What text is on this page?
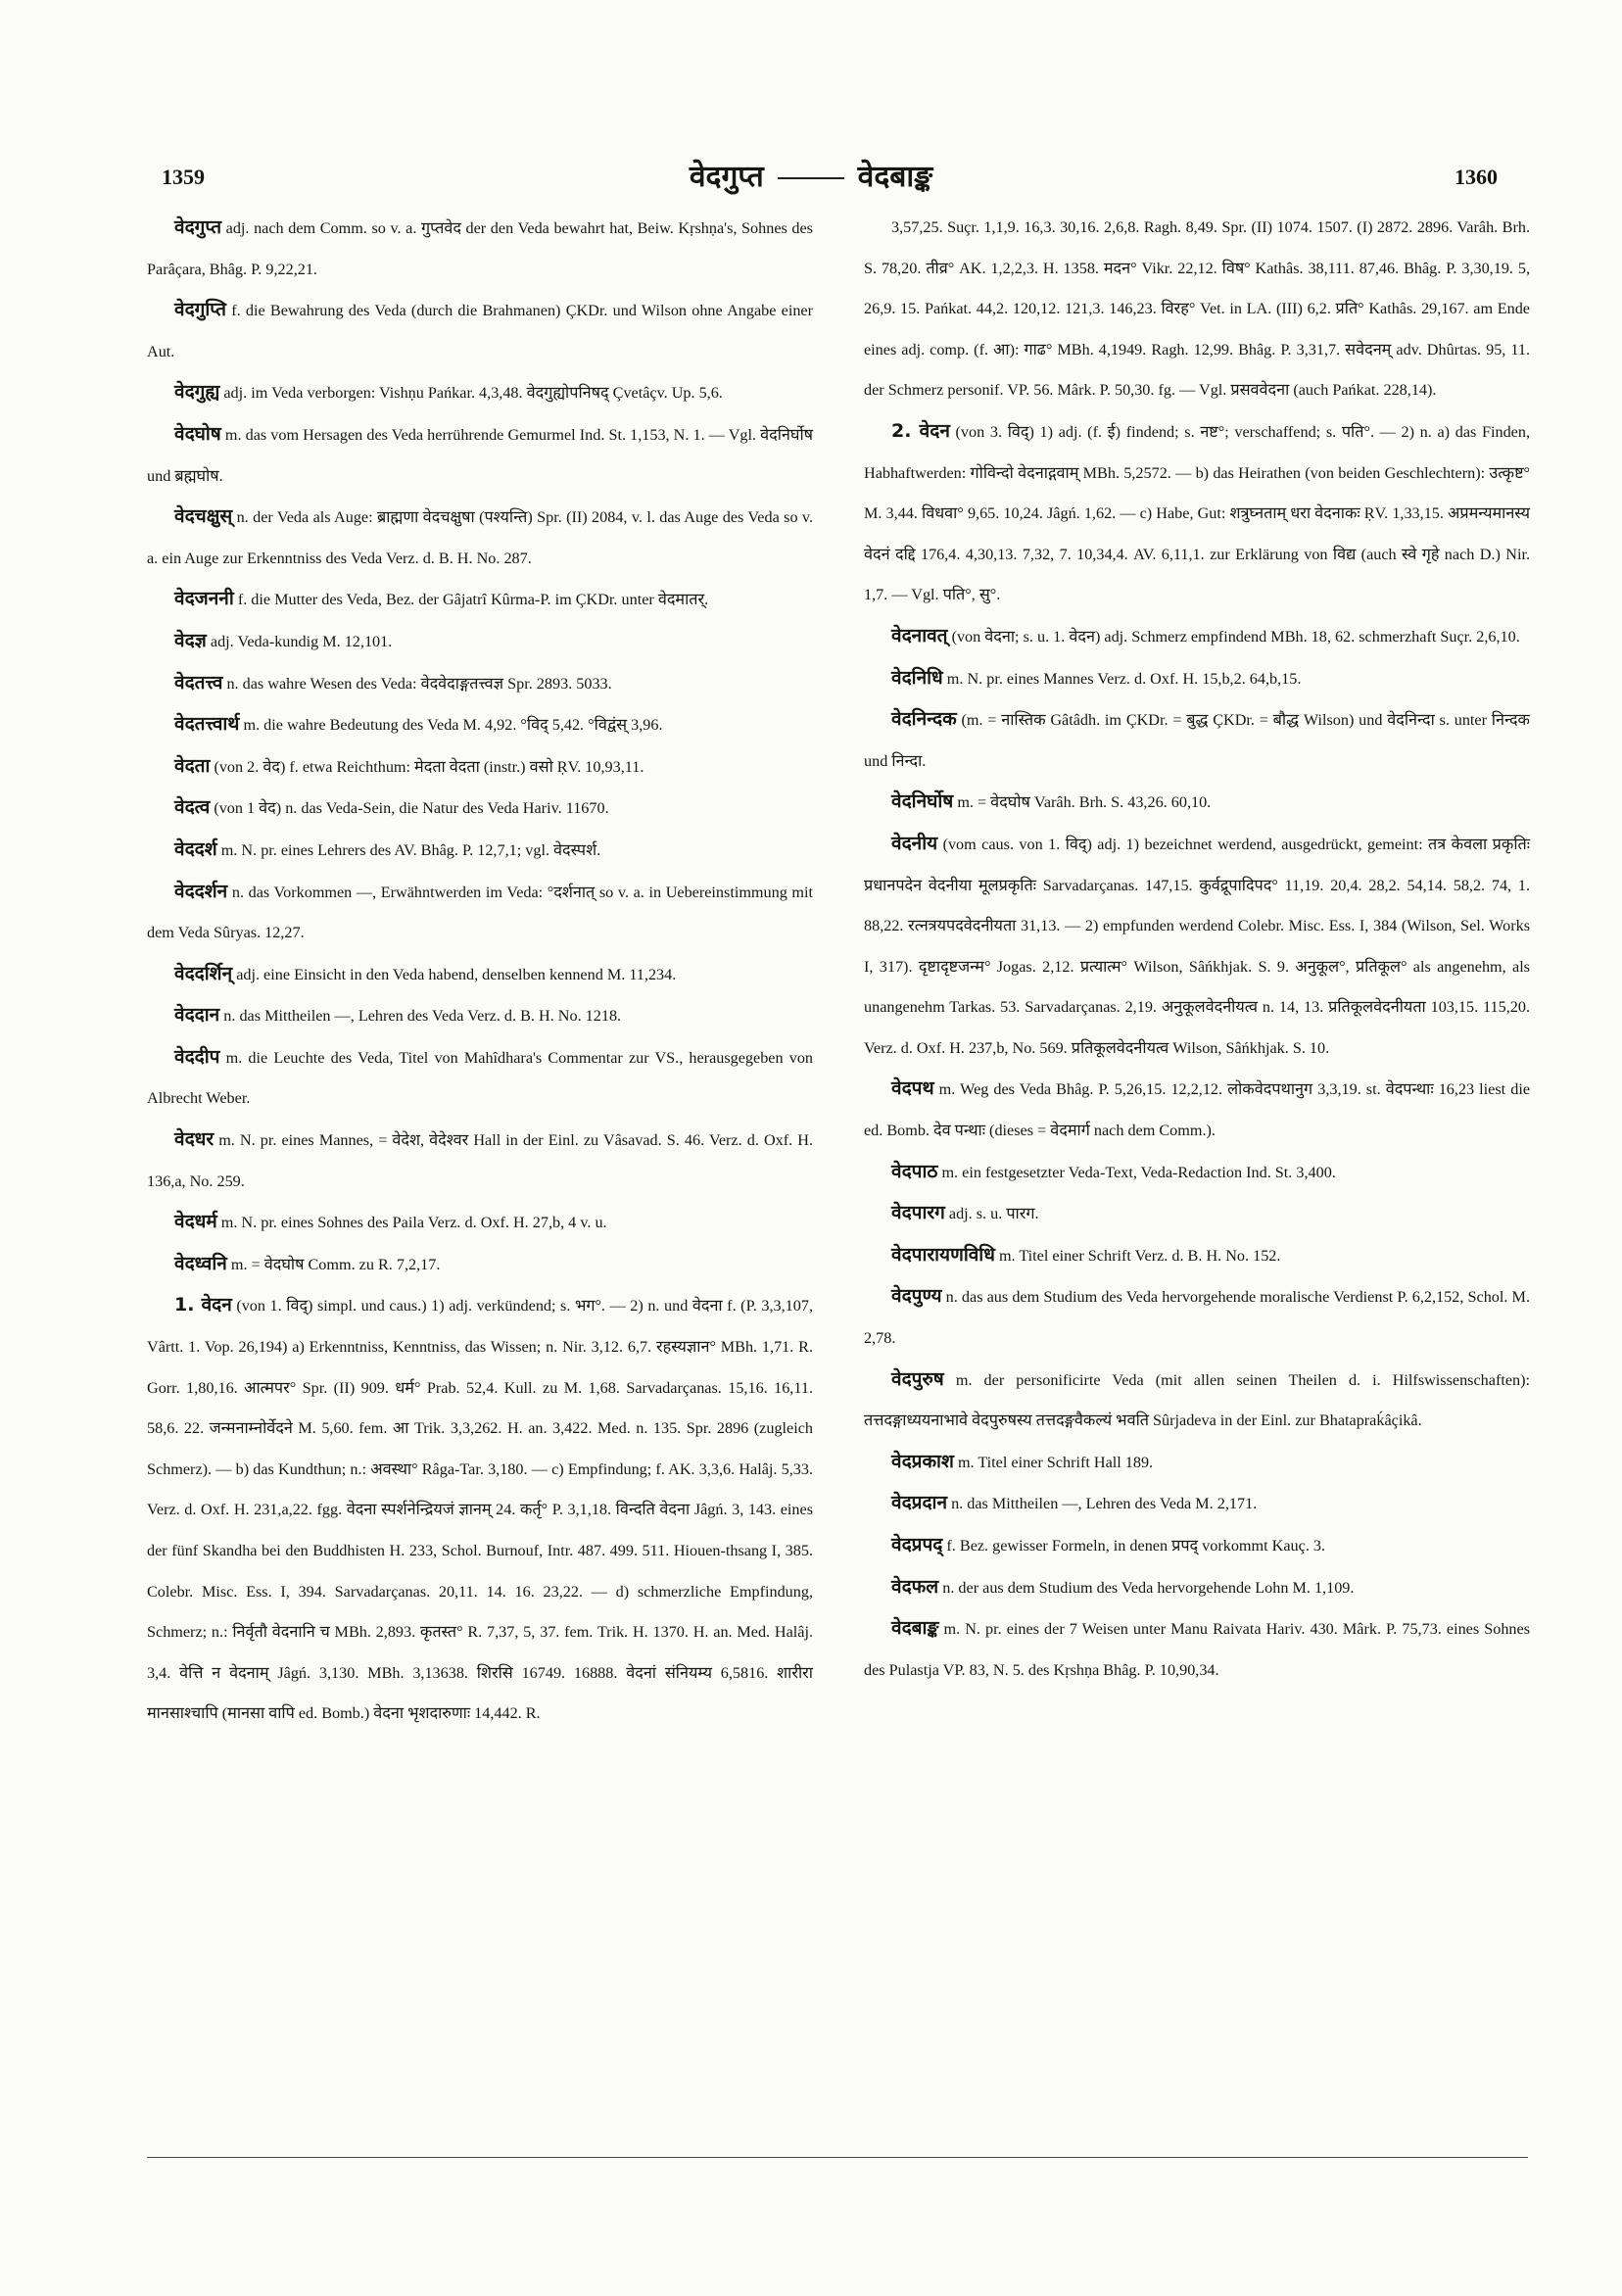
1359	वेदगुप्त	वेदबाङ्क	1360

वेदगुप्त adj. nach dem Comm. so v. a. गुप्तवेद der den Veda bewahrt hat, Beiw. Kṛshṇa's, Sohnes des Parâçara, Bhâg. P. 9,22,21.

वेदगुप्ति f. die Bewahrung des Veda (durch die Brahmanen) ÇKDr. und Wilson ohne Angabe einer Aut.

वेदगुह्य adj. im Veda verborgen: Vishṇu Pańkar. 4,3,48. वेदगुह्योपनिषद् Çvetâçv. Up. 5,6.

वेदघोष m. das vom Hersagen des Veda herrührende Gemurmel Ind. St. 1,153, N. 1. — Vgl. वेदनिर्घोष und ब्रह्मघोष.

वेदचक्षुस् n. der Veda als Auge: ब्राह्मणा वेदचक्षुषा (पश्यन्ति) Spr. (II) 2084, v. l. das Auge des Veda so v. a. ein Auge zur Erkenntniss des Veda Verz. d. B. H. No. 287.

वेदजननी f. die Mutter des Veda, Bez. der Gâjatrî Kûrma-P. im ÇKDr. unter वेदमातर्.

वेदज्ञ adj. Veda-kundig M. 12,101.

वेदतत्त्व n. das wahre Wesen des Veda: वेदवेदाङ्गतत्त्वज्ञ Spr. 2893. 5033.

वेदतत्त्वार्थ m. die wahre Bedeutung des Veda M. 4,92. °विद् 5,42. °विद्वंस् 3,96.

वेदता (von 2. वेद) f. etwa Reichthum: मेदता वेदता (instr.) वसो ṚV. 10,93,11.

वेदत्व (von 1 वेद) n. das Veda-Sein, die Natur des Veda Hariv. 11670.

वेददर्श m. N. pr. eines Lehrers des AV. Bhâg. P. 12,7,1; vgl. वेदस्पर्श.

वेददर्शन n. das Vorkommen —, Erwähntwerden im Veda: °दर्शनात् so v. a. in Uebereinstimmung mit dem Veda Sûryas. 12,27.

वेददर्शिन् adj. eine Einsicht in den Veda habend, denselben kennend M. 11,234.

वेददान n. das Mittheilen —, Lehren des Veda Verz. d. B. H. No. 1218.

वेददीप m. die Leuchte des Veda, Titel von Mahîdhara's Commentar zur VS., herausgegeben von Albrecht Weber.

वेदधर m. N. pr. eines Mannes, = वेदेश, वेदेश्वर Hall in der Einl. zu Vâsavad. S. 46. Verz. d. Oxf. H. 136,a, No. 259.

वेदधर्म m. N. pr. eines Sohnes des Paila Verz. d. Oxf. H. 27,b, 4 v. u.

वेदध्वनि m. = वेदघोष Comm. zu R. 7,2,17.

1. वेदन (von 1. विद्) simpl. und caus.) 1) adj. verkündend; s. भग°. — 2) n. und वेदना f. (P. 3,3,107, Vârtt. 1. Vop. 26,194) a) Erkenntniss, Kenntniss, das Wissen; n. Nir. 3,12. 6,7. रहस्यज्ञान° MBh. 1,71. R. Gorr. 1,80,16. आत्मपर° Spr. (II) 909. धर्म° Prab. 52,4. Kull. zu M. 1,68. Sarvadarçanas. 15,16. 16,11. 58,6. 22. जन्मनाम्नोर्वेदने M. 5,60. fem. आ Trik. 3,3,262. H. an. 3,422. Med. n. 135. Spr. 2896 (zugleich Schmerz). — b) das Kundthun; n.: अवस्था° Râga-Tar. 3,180. — c) Empfindung; f. AK. 3,3,6. Halâj. 5,33. Verz. d. Oxf. H. 231,a,22. fgg. वेदना स्पर्शनेन्द्रियजं ज्ञानम् 24. कर्तृ° P. 3,1,18. विन्दति वेदना Jâgń. 3, 143. eines der fünf Skandha bei den Buddhisten H. 233, Schol. Burnouf, Intr. 487. 499. 511. Hiouen-thsang I, 385. Colebr. Misc. Ess. I, 394. Sarvadarçanas. 20,11. 14. 16. 23,22. — d) schmerzliche Empfindung, Schmerz; n.: निर्वृतौ वेदनानि च MBh. 2,893. कृतस्त° R. 7,37, 5, 37. fem. Trik. H. 1370. H. an. Med. Halâj. 3,4. वेत्ति न वेदनाम् Jâgń. 3,130. MBh. 3,13638. शिरसि 16749. 16888. वेदनां संनियम्य 6,5816. शारीरा मानसाश्चापि (मानसा वापि ed. Bomb.) वेदना भृशदारुणाः 14,442. R.

3,57,25. Suçr. 1,1,9. 16,3. 30,16. 2,6,8. Ragh. 8,49. Spr. (II) 1074. 1507. (I) 2872. 2896. Varâh. Brh. S. 78,20. तीव्र° AK. 1,2,2,3. H. 1358. मदन° Vikr. 22,12. विष° Kathâs. 38,111. 87,46. Bhâg. P. 3,30,19. 5, 26,9. 15. Pańkat. 44,2. 120,12. 121,3. 146,23. विरह° Vet. in LA. (III) 6,2. प्रति° Kathâs. 29,167. am Ende eines adj. comp. (f. आ): गाढ° MBh. 4,1949. Ragh. 12,99. Bhâg. P. 3,31,7. सवेदनम् adv. Dhûrtas. 95, 11. der Schmerz personif. VP. 56. Mârk. P. 50,30. fg. — Vgl. प्रसववेदना (auch Pańkat. 228,14).

2. वेदन (von 3. विद्) 1) adj. (f. ई) findend; s. नष्ट°; verschaffend; s. पति°. — 2) n. a) das Finden, Habhaftwerden: गोविन्दो वेदनाद्गवाम् MBh. 5,2572. — b) das Heirathen (von beiden Geschlechtern): उत्कृष्ट° M. 3,44. विधवा° 9,65. 10,24. Jâgń. 1,62. — c) Habe, Gut: शत्रुघ्नताम् धरा वेदनाकः ṚV. 1,33,15. अप्रमन्यमानस्य वेदनं दद्दि 176,4. 4,30,13. 7,32, 7. 10,34,4. AV. 6,11,1. zur Erklärung von विद्य (auch स्वे गृहे nach D.) Nir. 1,7. — Vgl. पति°, सु°.

वेदनावत् (von वेदना; s. u. 1. वेदन) adj. Schmerz empfindend MBh. 18, 62. schmerzhaft Suçr. 2,6,10.

वेदनिधि m. N. pr. eines Mannes Verz. d. Oxf. H. 15,b,2. 64,b,15.

वेदनिन्दक (m. = नास्तिक Gâtâdh. im ÇKDr. = बुद्ध ÇKDr. = बौद्ध Wilson) und वेदनिन्दा s. unter निन्दक und निन्दा.

वेदनिर्घोष m. = वेदघोष Varâh. Brh. S. 43,26. 60,10.

वेदनीय (vom caus. von 1. विद्) adj. 1) bezeichnet werdend, ausgedrückt, gemeint: तत्र केवला प्रकृतिः प्रधानपदेन वेदनीया मूलप्रकृतिः Sarvadarçanas. 147,15. कुर्वद्रूपादिपद° 11,19. 20,4. 28,2. 54,14. 58,2. 74, 1. 88,22. रत्नत्रयपदवेदनीयता 31,13. — 2) empfunden werdend Colebr. Misc. Ess. I, 384 (Wilson, Sel. Works I, 317). दृष्टादृष्टजन्म° Jogas. 2,12. प्रत्यात्म° Wilson, Sâńkhjak. S. 9. अनुकूल°, प्रतिकूल° als angenehm, als unangenehm Tarkas. 53. Sarvadarçanas. 2,19. अनुकूलवेदनीयत्व n. 14, 13. प्रतिकूलवेदनीयता 103,15. 115,20. Verz. d. Oxf. H. 237,b, No. 569. प्रतिकूलवेदनीयत्व Wilson, Sâńkhjak. S. 10.

वेदपथ m. Weg des Veda Bhâg. P. 5,26,15. 12,2,12. लोकवेदपथानुग 3,3,19. st. वेदपन्थाः 16,23 liest die ed. Bomb. देव पन्थाः (dieses = वेदमार्ग nach dem Comm.).

वेदपाठ m. ein festgesetzter Veda-Text, Veda-Redaction Ind. St. 3,400.

वेदपारग adj. s. u. पारग.

वेदपारायणविधि m. Titel einer Schrift Verz. d. B. H. No. 152.

वेदपुण्य n. das aus dem Studium des Veda hervorgehende moralische Verdienst P. 6,2,152, Schol. M. 2,78.

वेदपुरुष m. der personificirte Veda (mit allen seinen Theilen d. i. Hilfswissenschaften): तत्तदङ्गाध्ययनाभावे वेदपुरुषस्य तत्तदङ्गवैकल्यं भवति Sûrjadeva in der Einl. zur Bhatapraḱâçikâ.

वेदप्रकाश m. Titel einer Schrift Hall 189.

वेदप्रदान n. das Mittheilen —, Lehren des Veda M. 2,171.

वेदप्रपद् f. Bez. gewisser Formeln, in denen प्रपद् vorkommt Kauç. 3.

वेदफल n. der aus dem Studium des Veda hervorgehende Lohn M. 1,109.

वेदबाङ्क m. N. pr. eines der 7 Weisen unter Manu Raivata Hariv. 430. Mârk. P. 75,73. eines Sohnes des Pulastja VP. 83, N. 5. des Kṛshṇa Bhâg. P. 10,90,34.
